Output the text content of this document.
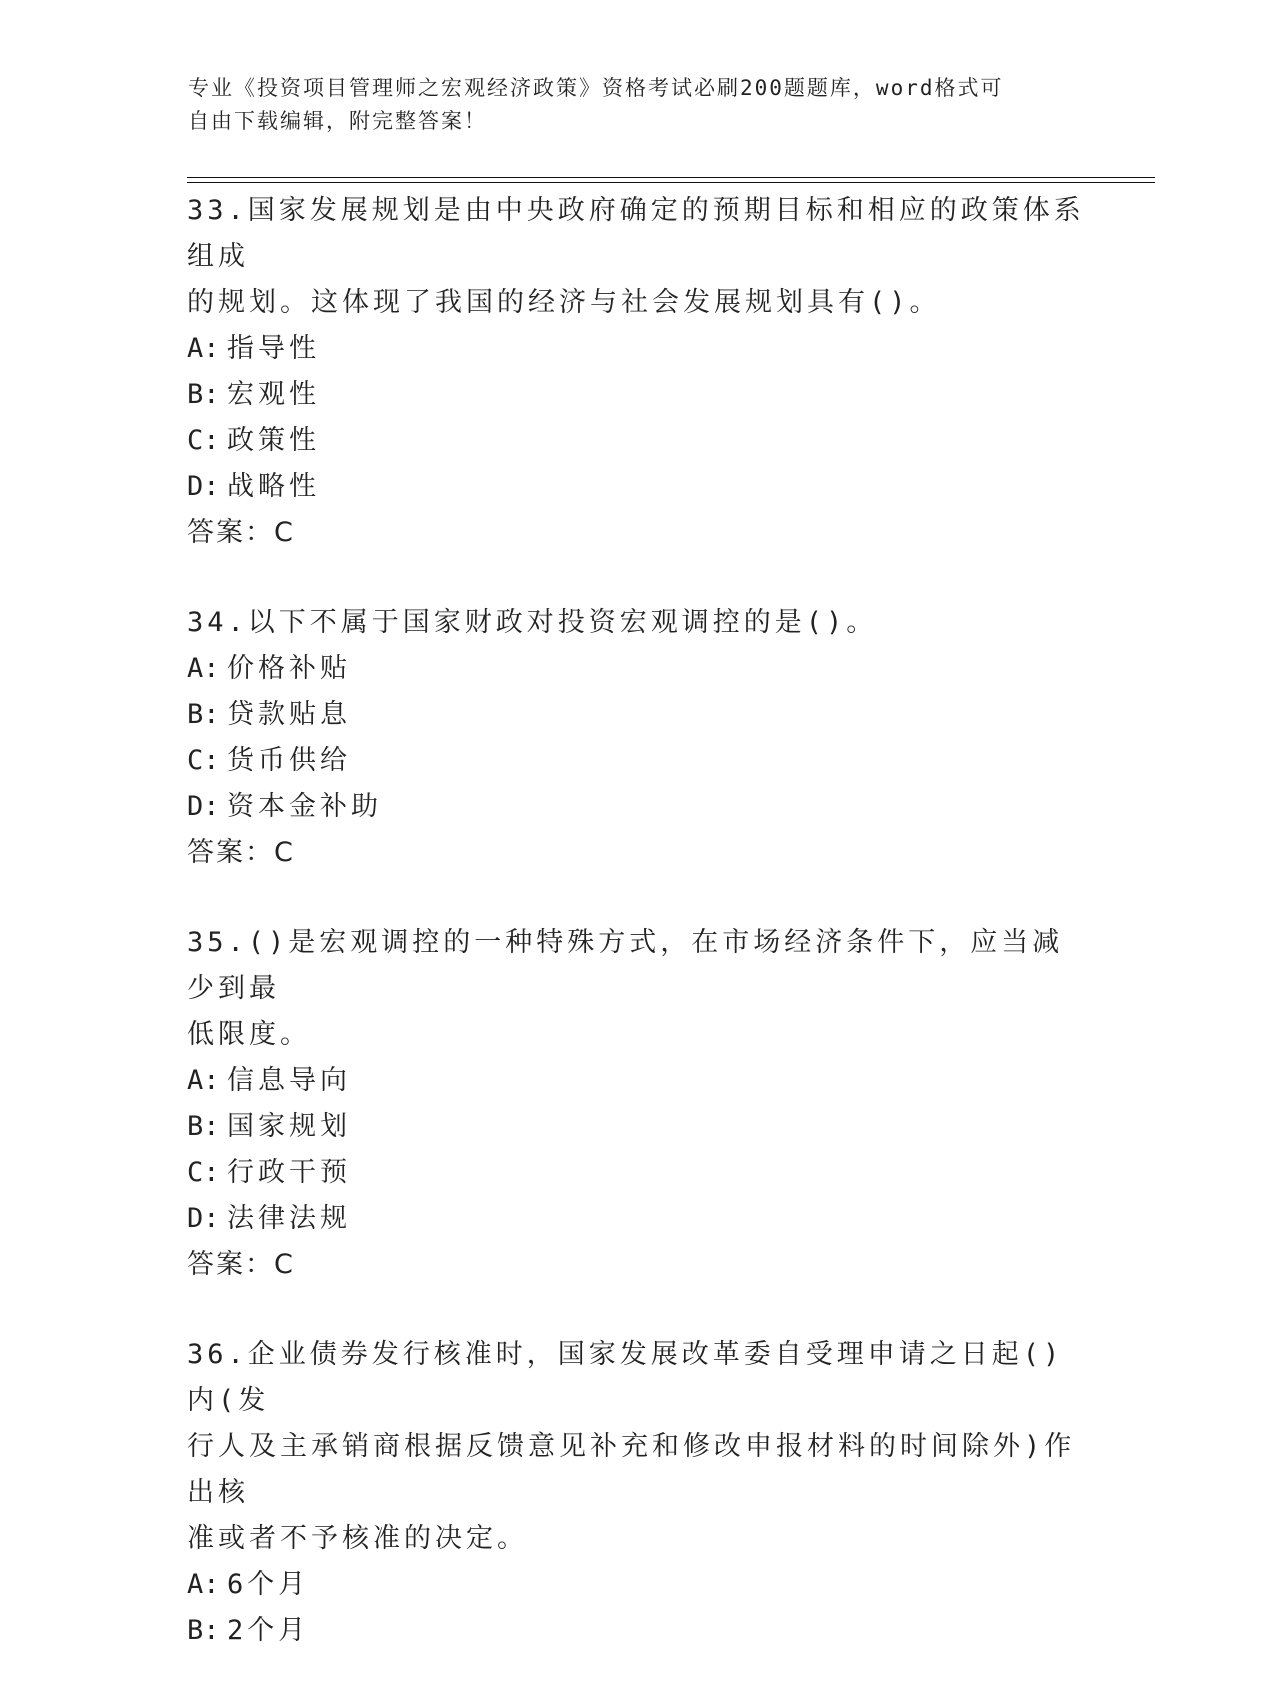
专业《投资项目管理师之宏观经济政策》资格考试必刷200题题库，word格式可
自由下载编辑，附完整答案！
33.国家发展规划是由中央政府确定的预期目标和相应的政策体系组成
的规划。这体现了我国的经济与社会发展规划具有()。
A: 指导性
B: 宏观性
C: 政策性
D: 战略性
答案：C
34.以下不属于国家财政对投资宏观调控的是()。
A: 价格补贴
B: 贷款贴息
C: 货币供给
D: 资本金补助
答案：C
35.()是宏观调控的一种特殊方式，在市场经济条件下，应当减少到最
低限度。
A: 信息导向
B: 国家规划
C: 行政干预
D: 法律法规
答案：C
36.企业债券发行核准时，国家发展改革委自受理申请之日起()内(发
行人及主承销商根据反馈意见补充和修改申报材料的时间除外)作出核
准或者不予核准的决定。
A: 6个月
B: 2个月
